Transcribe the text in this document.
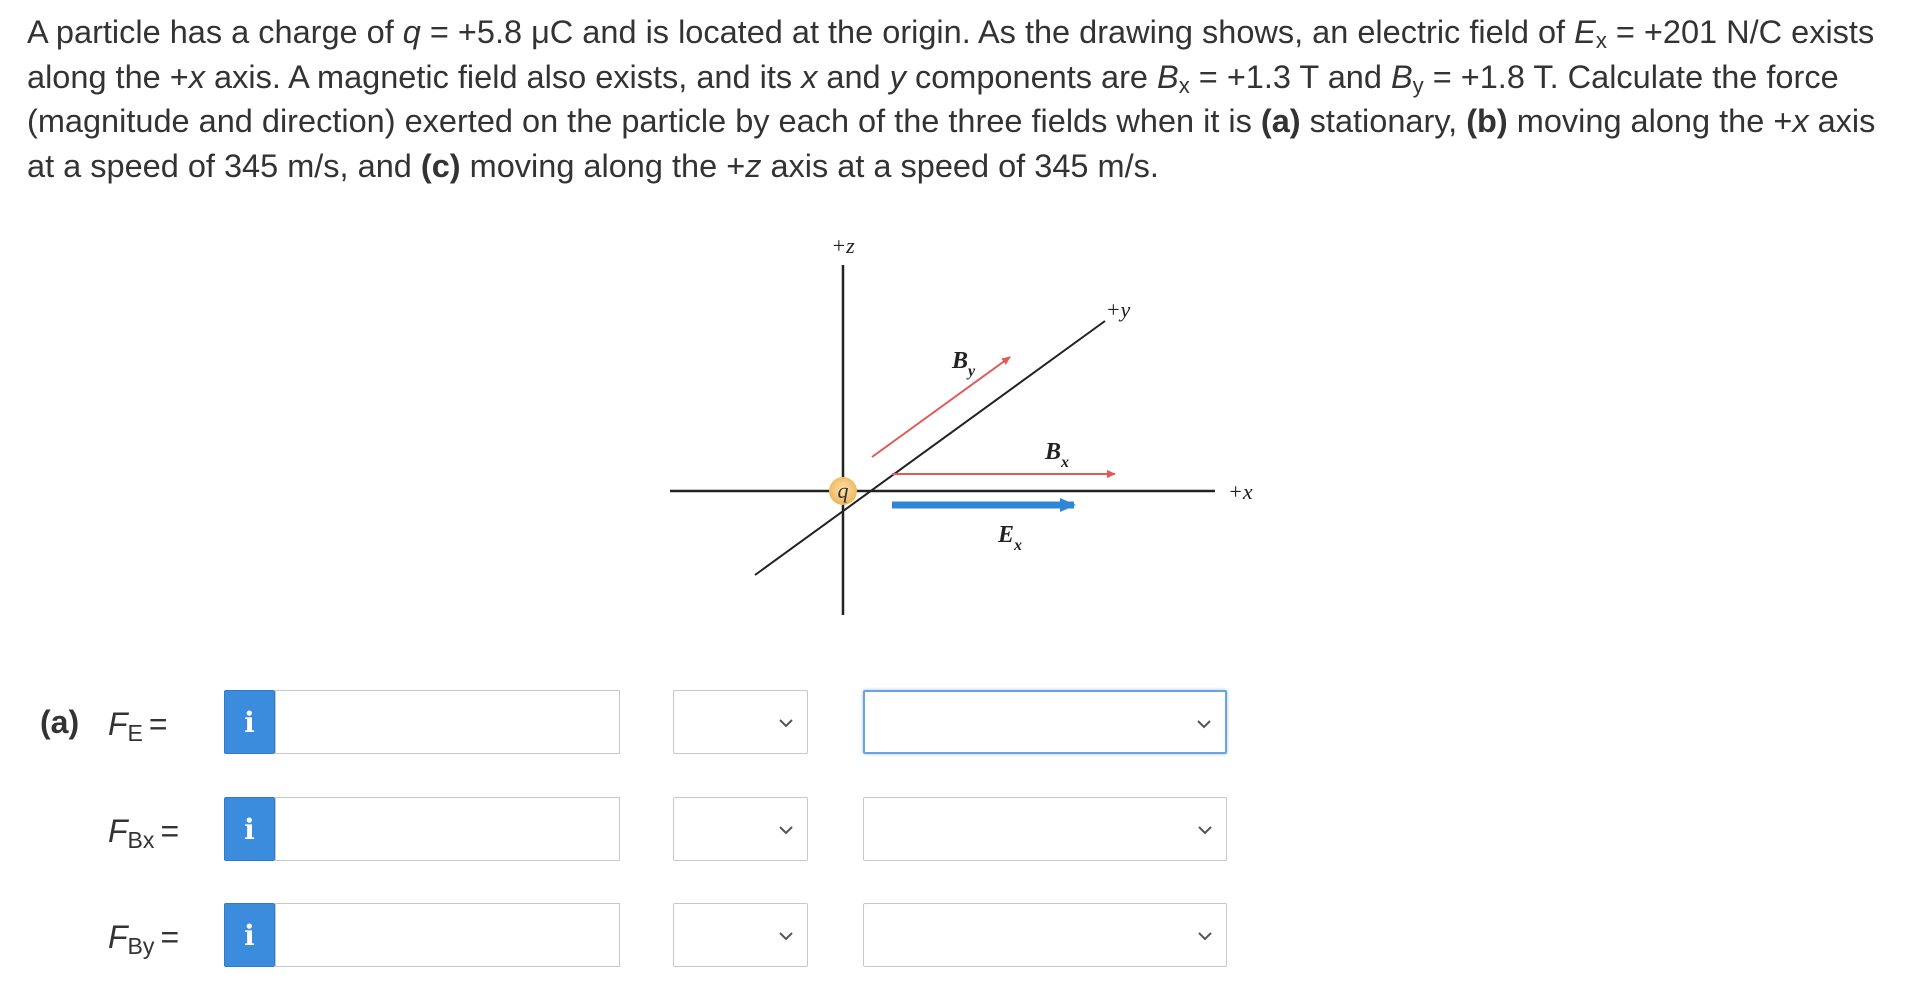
A particle has a charge of q = +5.8 μC and is located at the origin. As the drawing shows, an electric field of $E_x = +201$ N/C exists along the +x axis. A magnetic field also exists, and its x and y components are $B_x = +1.3$ T and $B_y = +1.8$ T. Calculate the force (magnitude and direction) exerted on the particle by each of the three fields when it is (a) stationary, (b) moving along the +x axis at a speed of 345 m/s, and (c) moving along the +z axis at a speed of 345 m/s.
q
+z
+y
+x
$B_y$
$B_x$
$E_x$
(a) $F_E$ =	i
$F_{Bx}$ =	i
$F_{By}$ =	i
